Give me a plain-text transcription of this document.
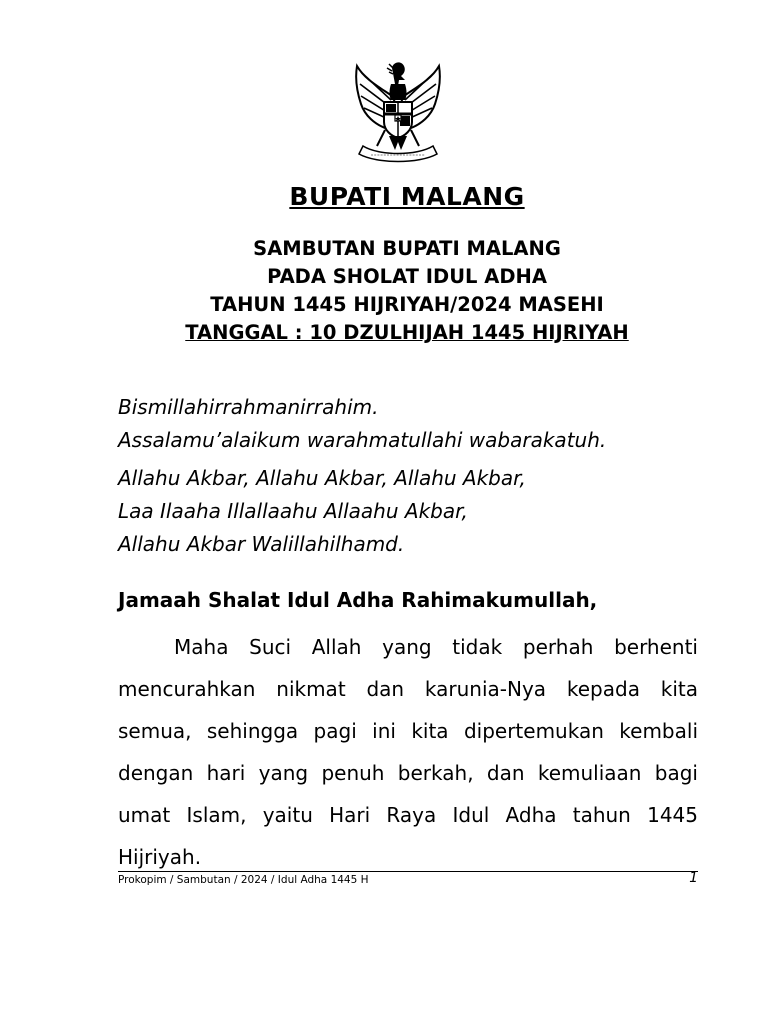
BUPATI MALANG
SAMBUTAN BUPATI MALANG
PADA SHOLAT IDUL ADHA
TAHUN 1445 HIJRIYAH/2024 MASEHI
TANGGAL : 10 DZULHIJAH 1445 HIJRIYAH
Bismillahirrahmanirrahim.
Assalamu’alaikum warahmatullahi wabarakatuh.
Allahu Akbar, Allahu Akbar, Allahu Akbar,
Laa Ilaaha Illallaahu Allaahu Akbar,
Allahu Akbar Walillahilhamd.
Jamaah Shalat Idul Adha Rahimakumullah,

Maha Suci Allah yang tidak perhah berhenti mencurahkan nikmat dan karunia-Nya kepada kita semua, sehingga pagi ini kita dipertemukan kembali dengan hari yang penuh berkah, dan kemuliaan bagi umat Islam, yaitu Hari Raya Idul Adha tahun 1445 Hijriyah.

Prokopim / Sambutan / 2024 / Idul Adha 1445 H	1
